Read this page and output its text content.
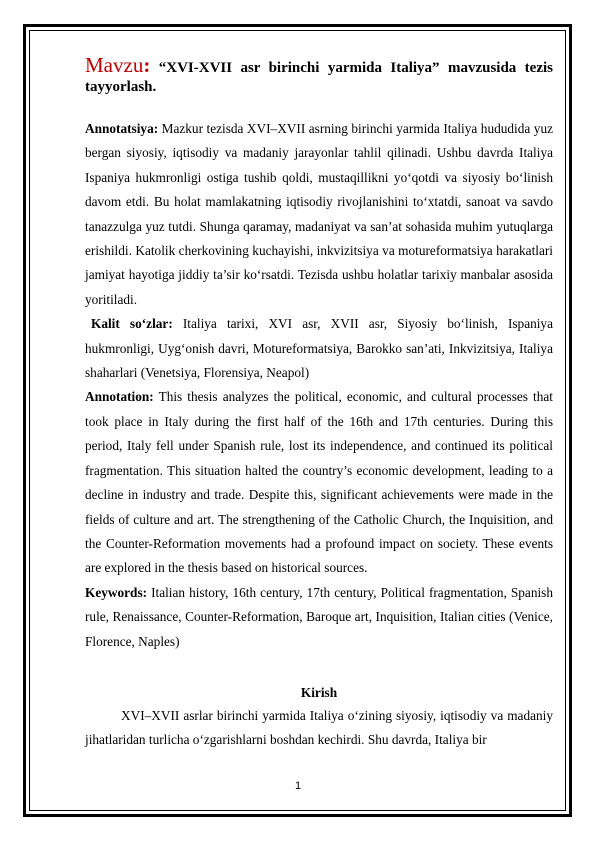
Mavzu: “XVI-XVII asr birinchi yarmida Italiya” mavzusida tezis tayyorlash.

Annotatsiya: Mazkur tezisda XVI–XVII asrning birinchi yarmida Italiya hududida yuz bergan siyosiy, iqtisodiy va madaniy jarayonlar tahlil qilinadi. Ushbu davrda Italiya Ispaniya hukmronligi ostiga tushib qoldi, mustaqillikni yo‘qotdi va siyosiy bo‘linish davom etdi. Bu holat mamlakatning iqtisodiy rivojlanishini to‘xtatdi, sanoat va savdo tanazzulga yuz tutdi. Shunga qaramay, madaniyat va san’at sohasida muhim yutuqlarga erishildi. Katolik cherkovining kuchayishi, inkvizitsiya va motureformatsiya harakatlari jamiyat hayotiga jiddiy ta’sir ko‘rsatdi. Tezisda ushbu holatlar tarixiy manbalar asosida yoritiladi.

Kalit so‘zlar: Italiya tarixi, XVI asr, XVII asr, Siyosiy bo‘linish, Ispaniya hukmronligi, Uyg‘onish davri, Motureformatsiya, Barokko san’ati, Inkvizitsiya, Italiya shaharlari (Venetsiya, Florensiya, Neapol)

Annotation: This thesis analyzes the political, economic, and cultural processes that took place in Italy during the first half of the 16th and 17th centuries. During this period, Italy fell under Spanish rule, lost its independence, and continued its political fragmentation. This situation halted the country’s economic development, leading to a decline in industry and trade. Despite this, significant achievements were made in the fields of culture and art. The strengthening of the Catholic Church, the Inquisition, and the Counter-Reformation movements had a profound impact on society. These events are explored in the thesis based on historical sources.

Keywords: Italian history, 16th century, 17th century, Political fragmentation, Spanish rule, Renaissance, Counter-Reformation, Baroque art, Inquisition, Italian cities (Venice, Florence, Naples)

Kirish

XVI–XVII asrlar birinchi yarmida Italiya o‘zining siyosiy, iqtisodiy va madaniy jihatlaridan turlicha o‘zgarishlarni boshdan kechirdi. Shu davrda, Italiya bir

1
